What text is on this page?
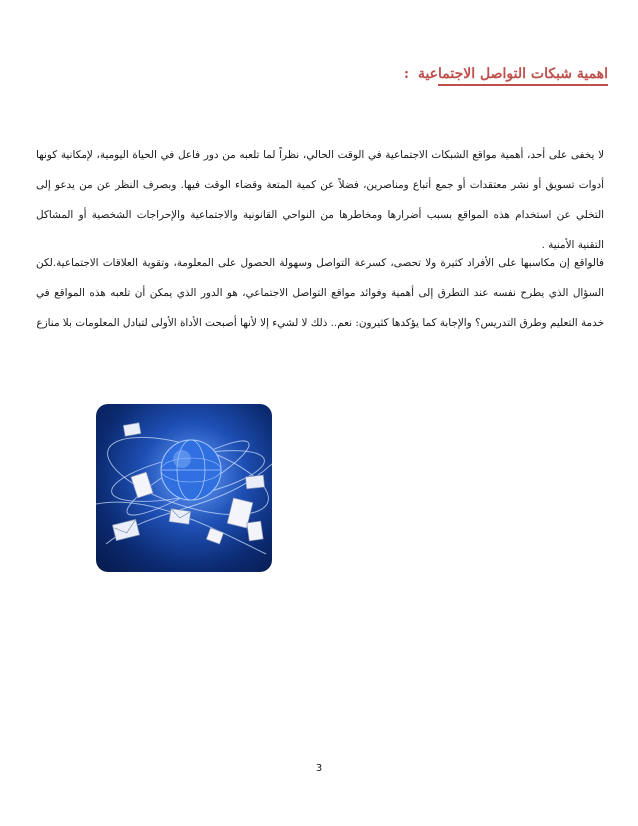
اهمية شبكات التواصل الاجتماعية :
لا يخفى على أحد، أهمية مواقع الشبكات الاجتماعية في الوقت الحالي، نظراً لما تلعبه من دور فاعل في الحياة اليومية، لإمكانية كونها أدوات تسويق أو نشر معتقدات أو جمع أتباع ومناصرين، فضلاً عن كمية المتعة وقضاء الوقت فيها. وبصرف النظر عن من يدعو إلى التخلي عن استخدام هذه المواقع بسبب أضرارها ومخاطرها من النواحي القانونية والاجتماعية والإحراجات الشخصية أو المشاكل التقنية الأمنية .
فالواقع إن مكاسبها على الأفراد كثيرة ولا تحصى، كسرعة التواصل وسهولة الحصول على المعلومة، وتقوية العلاقات الاجتماعية.لكن السؤال الذي يطرح نفسه عند التطرق إلى أهمية وفوائد مواقع التواصل الاجتماعي، هو الدور الذي يمكن أن تلعبه هذه المواقع في خدمة التعليم وطرق التدريس؟ والإجابة كما يؤكدها كثيرون: نعم.. ذلك لا لشيء إلا لأنها أصبحت الأداة الأولى لتبادل المعلومات بلا منازع
3
